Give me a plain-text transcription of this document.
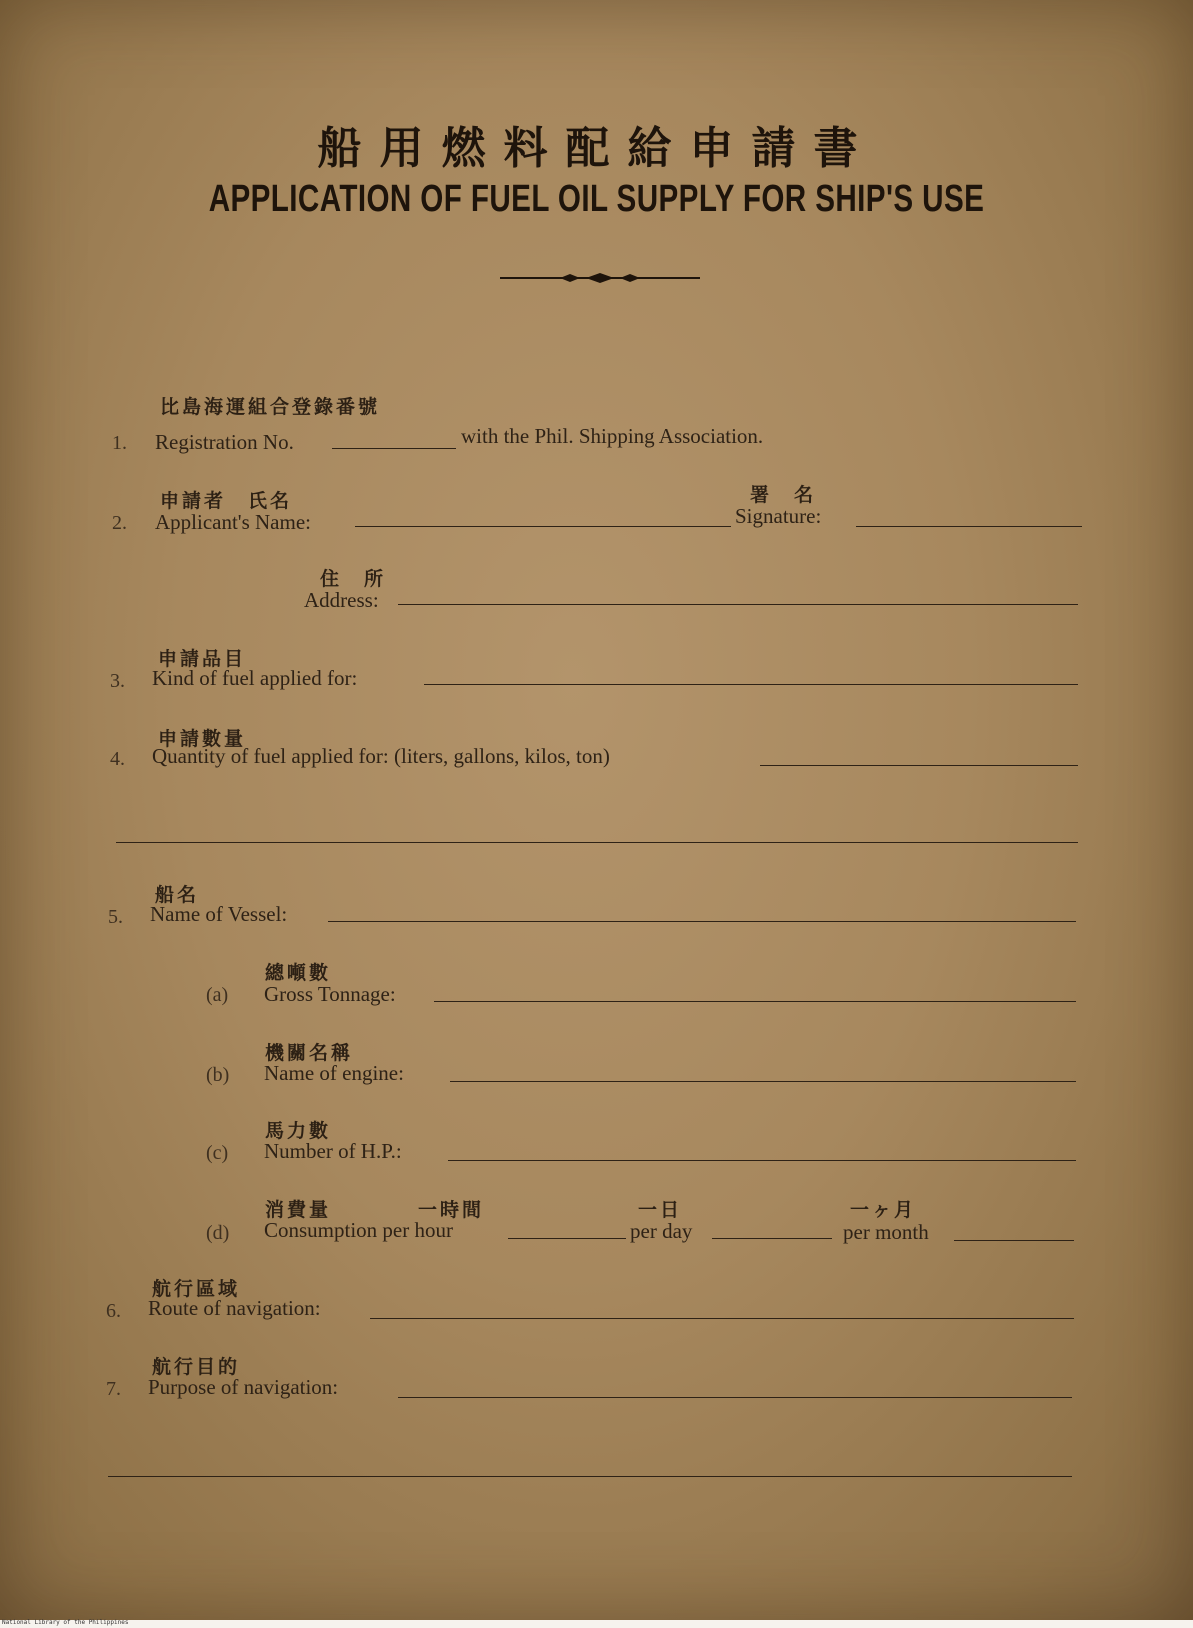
船用燃料配給申請書
APPLICATION OF FUEL OIL SUPPLY FOR SHIP'S USE
比島海運組合登錄番號
1. Registration No.	with the Phil. Shipping Association.
申請者　氏名	署　名
2. Applicant's Name:	Signature:
住　所
Address:
申請品目
3. Kind of fuel applied for:
申請數量
4. Quantity of fuel applied for: (liters, gallons, kilos, ton)
船名
5. Name of Vessel:
總噸數
(a) Gross Tonnage:
機關名稱
(b) Name of engine:
馬力數
(c) Number of H.P.:
消費量	一時間	一日	一ヶ月
(d) Consumption per hour	per day	per month
航行區域
6. Route of navigation:
航行目的
7. Purpose of navigation:
National Library of the Philippines
